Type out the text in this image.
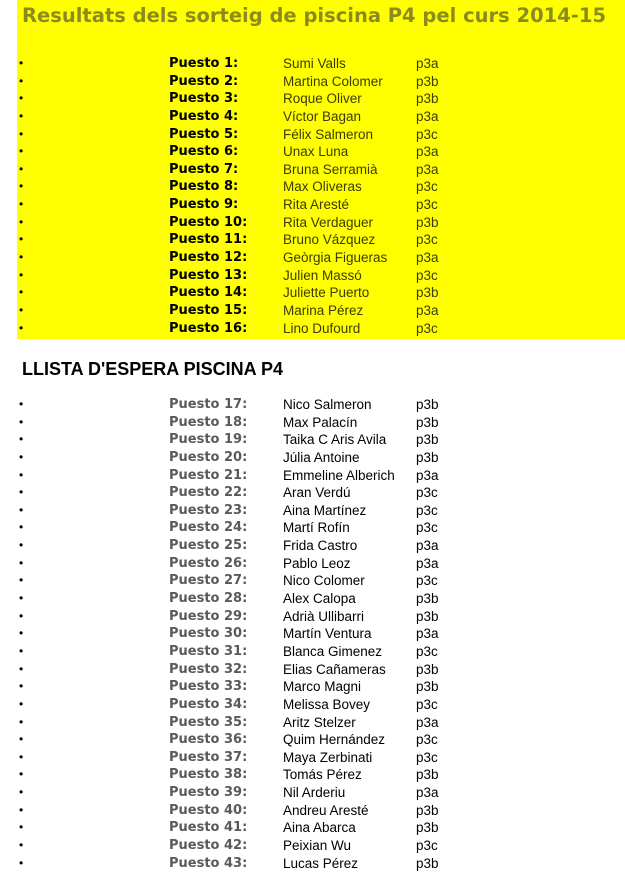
Resultats dels sorteig de piscina P4 pel curs 2014-15
•	Puesto 1:	Sumi Valls	p3a
•	Puesto 2:	Martina Colomer p3b
•	Puesto 3:	Roque Oliver	p3b
•	Puesto 4:	Víctor Bagan	p3a
•	Puesto 5:	Félix Salmeron	p3c
•	Puesto 6:	Unax Luna	p3a
•	Puesto 7:	Bruna Serramià	p3a
•	Puesto 8:	Max Oliveras	p3c
•	Puesto 9:	Rita Aresté	p3c
•	Puesto 10:	Rita Verdaguer	p3b
•	Puesto 11:	Bruno Vázquez	p3c
•	Puesto 12:	Geòrgia Figueras p3a
•	Puesto 13:	Julien Massó	p3c
•	Puesto 14:	Juliette Puerto	p3b
•	Puesto 15:	Marina Pérez	p3a
•	Puesto 16:	Lino Dufourd	p3c
LLISTA D'ESPERA PISCINA P4
•	Puesto 17:	Nico Salmeron	p3b
•	Puesto 18:	Max Palacín	p3b
•	Puesto 19:	Taika C Aris Avila p3b
•	Puesto 20:	Júlia Antoine	p3b
•	Puesto 21:	Emmeline Alberich p3a
•	Puesto 22:	Aran Verdú	p3c
•	Puesto 23:	Aina Martínez	p3c
•	Puesto 24:	Martí Rofín	p3c
•	Puesto 25:	Frida Castro	p3a
•	Puesto 26:	Pablo Leoz	p3a
•	Puesto 27:	Nico Colomer	p3c
•	Puesto 28:	Alex Calopa	p3b
•	Puesto 29:	Adrià Ullibarri	p3b
•	Puesto 30:	Martín Ventura	p3a
•	Puesto 31:	Blanca Gimenez	p3c
•	Puesto 32:	Elias Cañameras p3b
•	Puesto 33:	Marco Magni	p3b
•	Puesto 34:	Melissa Bovey	p3c
•	Puesto 35:	Aritz Stelzer	p3a
•	Puesto 36:	Quim Hernández p3c
•	Puesto 37:	Maya Zerbinati	p3c
•	Puesto 38:	Tomás Pérez	p3b
•	Puesto 39:	Nil Arderiu	p3a
•	Puesto 40:	Andreu Aresté	p3b
•	Puesto 41:	Aina Abarca	p3b
•	Puesto 42:	Peixian Wu	p3c
•	Puesto 43:	Lucas Pérez	p3b
